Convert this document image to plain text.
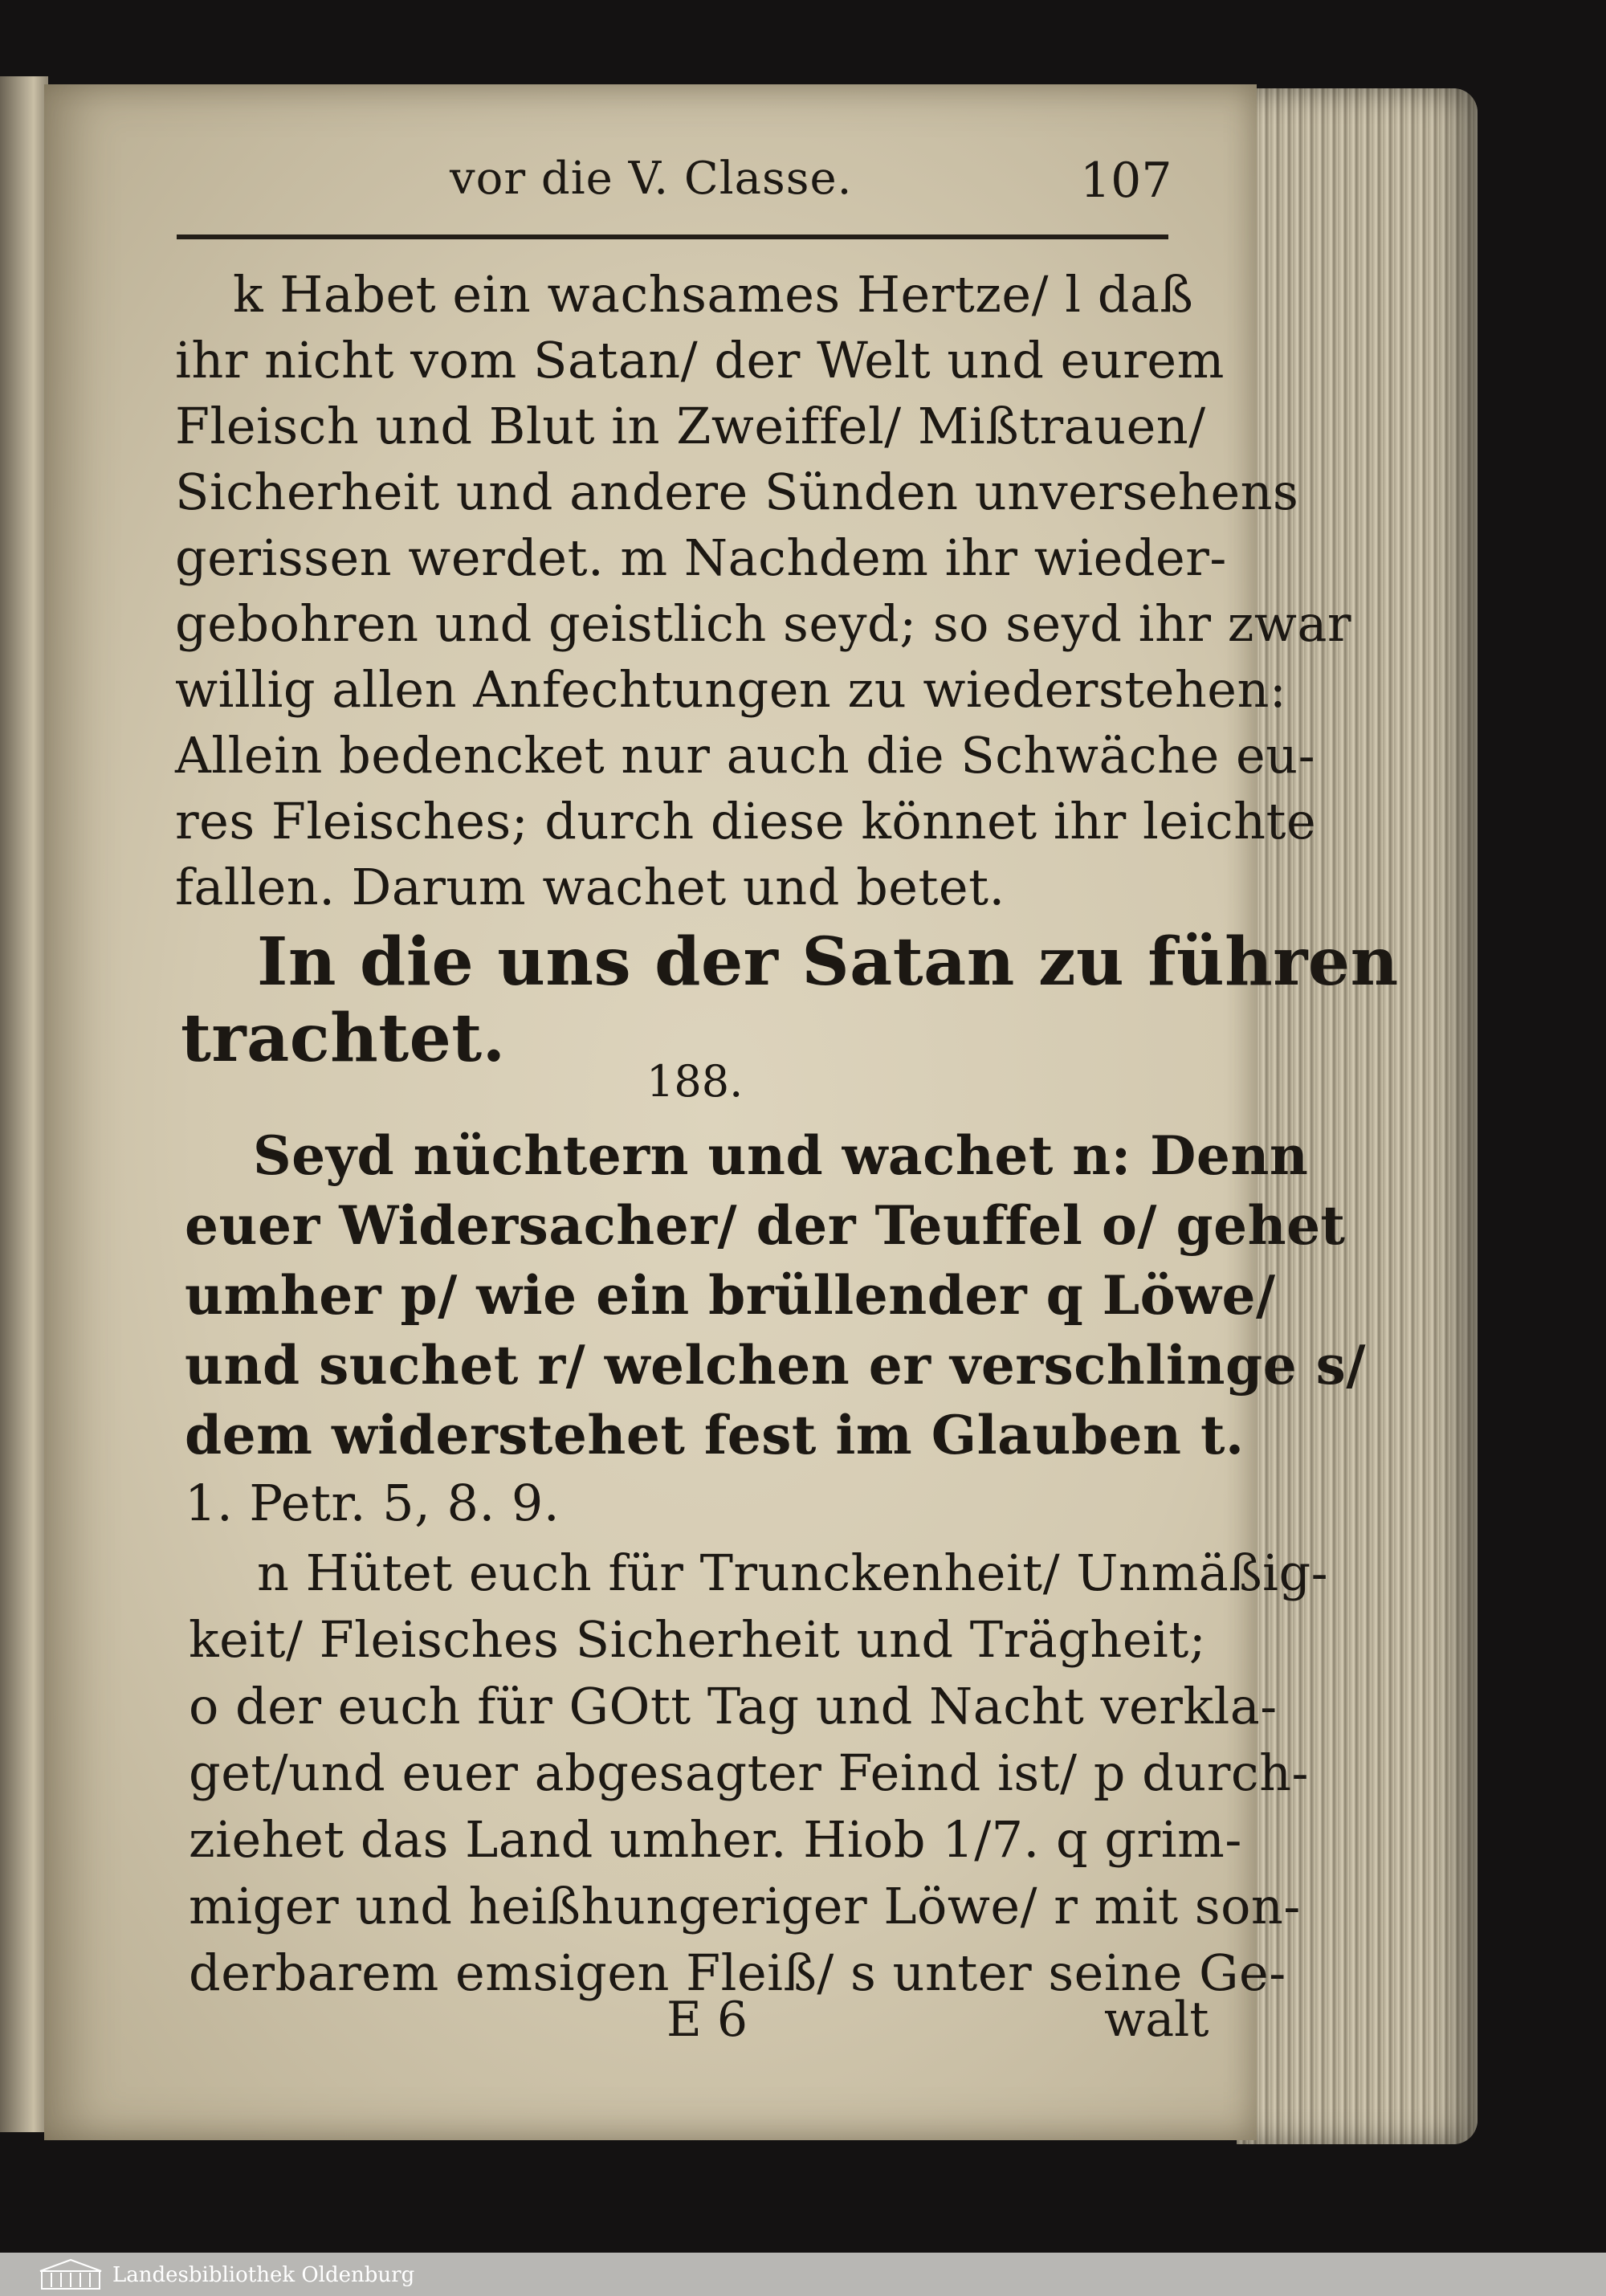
vor die V. Classe.	107
k Habet ein wachsames Hertze/ l daß
ihr nicht vom Satan/ der Welt und eurem
Fleisch und Blut in Zweiffel/ Mißtrauen/
Sicherheit und andere Sünden unversehens
gerissen werdet. m Nachdem ihr wieder-
gebohren und geistlich seyd; so seyd ihr zwar
willig allen Anfechtungen zu wiederstehen:
Allein bedencket nur auch die Schwäche eu-
res Fleisches; durch diese könnet ihr leichte
fallen. Darum wachet und betet.
In die uns der Satan zu führen
trachtet.
188.
Seyd nüchtern und wachet n: Denn
euer Widersacher/ der Teuffel o/ gehet
umher p/ wie ein brüllender q Löwe/
und suchet r/ welchen er verschlinge s/
dem widerstehet fest im Glauben t.
1. Petr. 5, 8. 9.
n Hütet euch für Trunckenheit/ Unmäßig-
keit/ Fleisches Sicherheit und Trägheit;
o der euch für GOtt Tag und Nacht verkla-
get/und euer abgesagter Feind ist/ p durch-
ziehet das Land umher. Hiob 1/7. q grim-
miger und heißhungeriger Löwe/ r mit son-
derbarem emsigen Fleiß/ s unter seine Ge-
E 6	walt
Landesbibliothek Oldenburg
